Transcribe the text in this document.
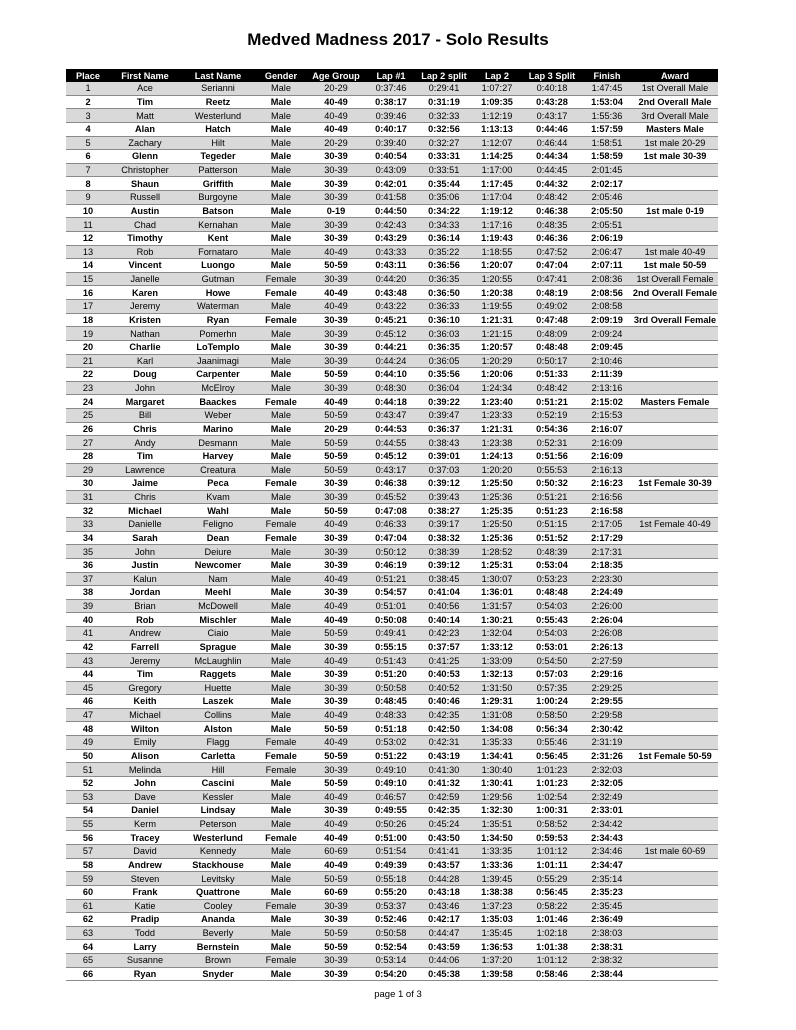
Medved Madness 2017 - Solo Results
Place	First Name	Last Name	Gender	Age Group	Lap #1	Lap 2 split	Lap 2	Lap 3 Split	Finish	Award
1	Ace	Serianni	Male	20-29	0:37:46	0:29:41	1:07:27	0:40:18	1:47:45	1st Overall Male
2	Tim	Reetz	Male	40-49	0:38:17	0:31:19	1:09:35	0:43:28	1:53:04	2nd Overall Male
3	Matt	Westerlund	Male	40-49	0:39:46	0:32:33	1:12:19	0:43:17	1:55:36	3rd Overall Male
4	Alan	Hatch	Male	40-49	0:40:17	0:32:56	1:13:13	0:44:46	1:57:59	Masters Male
5	Zachary	Hilt	Male	20-29	0:39:40	0:32:27	1:12:07	0:46:44	1:58:51	1st male 20-29
6	Glenn	Tegeder	Male	30-39	0:40:54	0:33:31	1:14:25	0:44:34	1:58:59	1st male 30-39
7	Christopher	Patterson	Male	30-39	0:43:09	0:33:51	1:17:00	0:44:45	2:01:45	
8	Shaun	Griffith	Male	30-39	0:42:01	0:35:44	1:17:45	0:44:32	2:02:17	
9	Russell	Burgoyne	Male	30-39	0:41:58	0:35:06	1:17:04	0:48:42	2:05:46	
10	Austin	Batson	Male	0-19	0:44:50	0:34:22	1:19:12	0:46:38	2:05:50	1st male 0-19
11	Chad	Kernahan	Male	30-39	0:42:43	0:34:33	1:17:16	0:48:35	2:05:51	
12	Timothy	Kent	Male	30-39	0:43:29	0:36:14	1:19:43	0:46:36	2:06:19	
13	Rob	Fornataro	Male	40-49	0:43:33	0:35:22	1:18:55	0:47:52	2:06:47	1st male 40-49
14	Vincent	Luongo	Male	50-59	0:43:11	0:36:56	1:20:07	0:47:04	2:07:11	1st male 50-59
15	Janelle	Gutman	Female	30-39	0:44:20	0:36:35	1:20:55	0:47:41	2:08:36	1st Overall Female
16	Karen	Howe	Female	40-49	0:43:48	0:36:50	1:20:38	0:48:19	2:08:56	2nd Overall Female
17	Jeremy	Waterman	Male	40-49	0:43:22	0:36:33	1:19:55	0:49:02	2:08:58	
18	Kristen	Ryan	Female	30-39	0:45:21	0:36:10	1:21:31	0:47:48	2:09:19	3rd Overall Female
19	Nathan	Pomerhn	Male	30-39	0:45:12	0:36:03	1:21:15	0:48:09	2:09:24	
20	Charlie	LoTemplo	Male	30-39	0:44:21	0:36:35	1:20:57	0:48:48	2:09:45	
21	Karl	Jaanimagi	Male	30-39	0:44:24	0:36:05	1:20:29	0:50:17	2:10:46	
22	Doug	Carpenter	Male	50-59	0:44:10	0:35:56	1:20:06	0:51:33	2:11:39	
23	John	McElroy	Male	30-39	0:48:30	0:36:04	1:24:34	0:48:42	2:13:16	
24	Margaret	Baackes	Female	40-49	0:44:18	0:39:22	1:23:40	0:51:21	2:15:02	Masters Female
25	Bill	Weber	Male	50-59	0:43:47	0:39:47	1:23:33	0:52:19	2:15:53	
26	Chris	Marino	Male	20-29	0:44:53	0:36:37	1:21:31	0:54:36	2:16:07	
27	Andy	Desmann	Male	50-59	0:44:55	0:38:43	1:23:38	0:52:31	2:16:09	
28	Tim	Harvey	Male	50-59	0:45:12	0:39:01	1:24:13	0:51:56	2:16:09	
29	Lawrence	Creatura	Male	50-59	0:43:17	0:37:03	1:20:20	0:55:53	2:16:13	
30	Jaime	Peca	Female	30-39	0:46:38	0:39:12	1:25:50	0:50:32	2:16:23	1st Female 30-39
31	Chris	Kvam	Male	30-39	0:45:52	0:39:43	1:25:36	0:51:21	2:16:56	
32	Michael	Wahl	Male	50-59	0:47:08	0:38:27	1:25:35	0:51:23	2:16:58	
33	Danielle	Feligno	Female	40-49	0:46:33	0:39:17	1:25:50	0:51:15	2:17:05	1st Female 40-49
34	Sarah	Dean	Female	30-39	0:47:04	0:38:32	1:25:36	0:51:52	2:17:29	
35	John	Deiure	Male	30-39	0:50:12	0:38:39	1:28:52	0:48:39	2:17:31	
36	Justin	Newcomer	Male	30-39	0:46:19	0:39:12	1:25:31	0:53:04	2:18:35	
37	Kalun	Nam	Male	40-49	0:51:21	0:38:45	1:30:07	0:53:23	2:23:30	
38	Jordan	Meehl	Male	30-39	0:54:57	0:41:04	1:36:01	0:48:48	2:24:49	
39	Brian	McDowell	Male	40-49	0:51:01	0:40:56	1:31:57	0:54:03	2:26:00	
40	Rob	Mischler	Male	40-49	0:50:08	0:40:14	1:30:21	0:55:43	2:26:04	
41	Andrew	Ciaio	Male	50-59	0:49:41	0:42:23	1:32:04	0:54:03	2:26:08	
42	Farrell	Sprague	Male	30-39	0:55:15	0:37:57	1:33:12	0:53:01	2:26:13	
43	Jeremy	McLaughlin	Male	40-49	0:51:43	0:41:25	1:33:09	0:54:50	2:27:59	
44	Tim	Raggets	Male	30-39	0:51:20	0:40:53	1:32:13	0:57:03	2:29:16	
45	Gregory	Huette	Male	30-39	0:50:58	0:40:52	1:31:50	0:57:35	2:29:25	
46	Keith	Laszek	Male	30-39	0:48:45	0:40:46	1:29:31	1:00:24	2:29:55	
47	Michael	Collins	Male	40-49	0:48:33	0:42:35	1:31:08	0:58:50	2:29:58	
48	Wilton	Alston	Male	50-59	0:51:18	0:42:50	1:34:08	0:56:34	2:30:42	
49	Emily	Flagg	Female	40-49	0:53:02	0:42:31	1:35:33	0:55:46	2:31:19	
50	Alison	Carletta	Female	50-59	0:51:22	0:43:19	1:34:41	0:56:45	2:31:26	1st Female 50-59
51	Melinda	Hill	Female	30-39	0:49:10	0:41:30	1:30:40	1:01:23	2:32:03	
52	John	Cascini	Male	50-59	0:49:10	0:41:32	1:30:41	1:01:23	2:32:05	
53	Dave	Kessler	Male	40-49	0:46:57	0:42:59	1:29:56	1:02:54	2:32:49	
54	Daniel	Lindsay	Male	30-39	0:49:55	0:42:35	1:32:30	1:00:31	2:33:01	
55	Kerm	Peterson	Male	40-49	0:50:26	0:45:24	1:35:51	0:58:52	2:34:42	
56	Tracey	Westerlund	Female	40-49	0:51:00	0:43:50	1:34:50	0:59:53	2:34:43	
57	David	Kennedy	Male	60-69	0:51:54	0:41:41	1:33:35	1:01:12	2:34:46	1st male 60-69
58	Andrew	Stackhouse	Male	40-49	0:49:39	0:43:57	1:33:36	1:01:11	2:34:47	
59	Steven	Levitsky	Male	50-59	0:55:18	0:44:28	1:39:45	0:55:29	2:35:14	
60	Frank	Quattrone	Male	60-69	0:55:20	0:43:18	1:38:38	0:56:45	2:35:23	
61	Katie	Cooley	Female	30-39	0:53:37	0:43:46	1:37:23	0:58:22	2:35:45	
62	Pradip	Ananda	Male	30-39	0:52:46	0:42:17	1:35:03	1:01:46	2:36:49	
63	Todd	Beverly	Male	50-59	0:50:58	0:44:47	1:35:45	1:02:18	2:38:03	
64	Larry	Bernstein	Male	50-59	0:52:54	0:43:59	1:36:53	1:01:38	2:38:31	
65	Susanne	Brown	Female	30-39	0:53:14	0:44:06	1:37:20	1:01:12	2:38:32	
66	Ryan	Snyder	Male	30-39	0:54:20	0:45:38	1:39:58	0:58:46	2:38:44	
page 1 of 3
